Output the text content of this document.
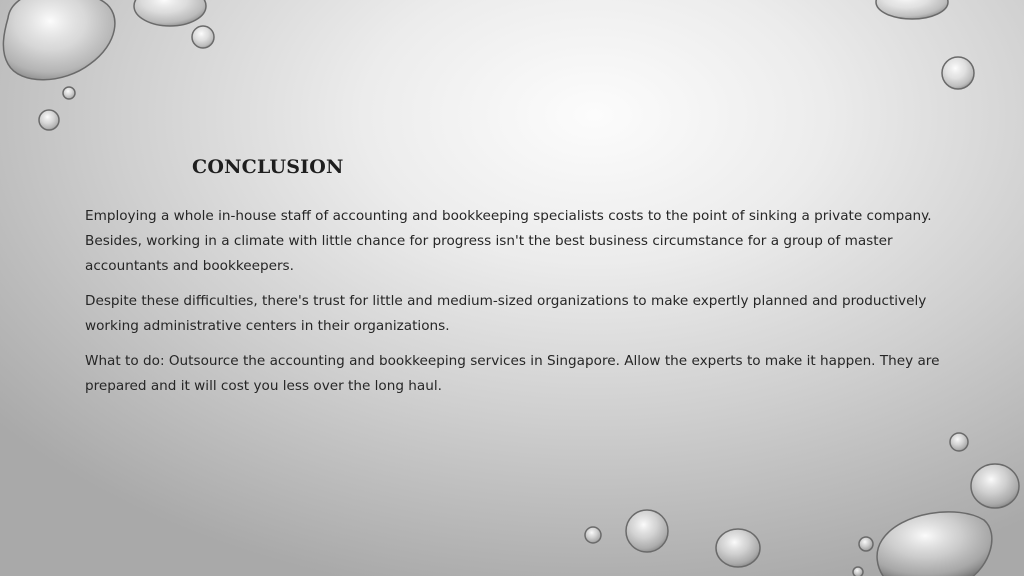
CONCLUSION

Employing a whole in-house staff of accounting and bookkeeping specialists costs to the point of sinking a private company. Besides, working in a climate with little chance for progress isn't the best business circumstance for a group of master accountants and bookkeepers.

Despite these difficulties, there's trust for little and medium-sized organizations to make expertly planned and productively working administrative centers in their organizations.

What to do: Outsource the accounting and bookkeeping services in Singapore. Allow the experts to make it happen. They are prepared and it will cost you less over the long haul.
